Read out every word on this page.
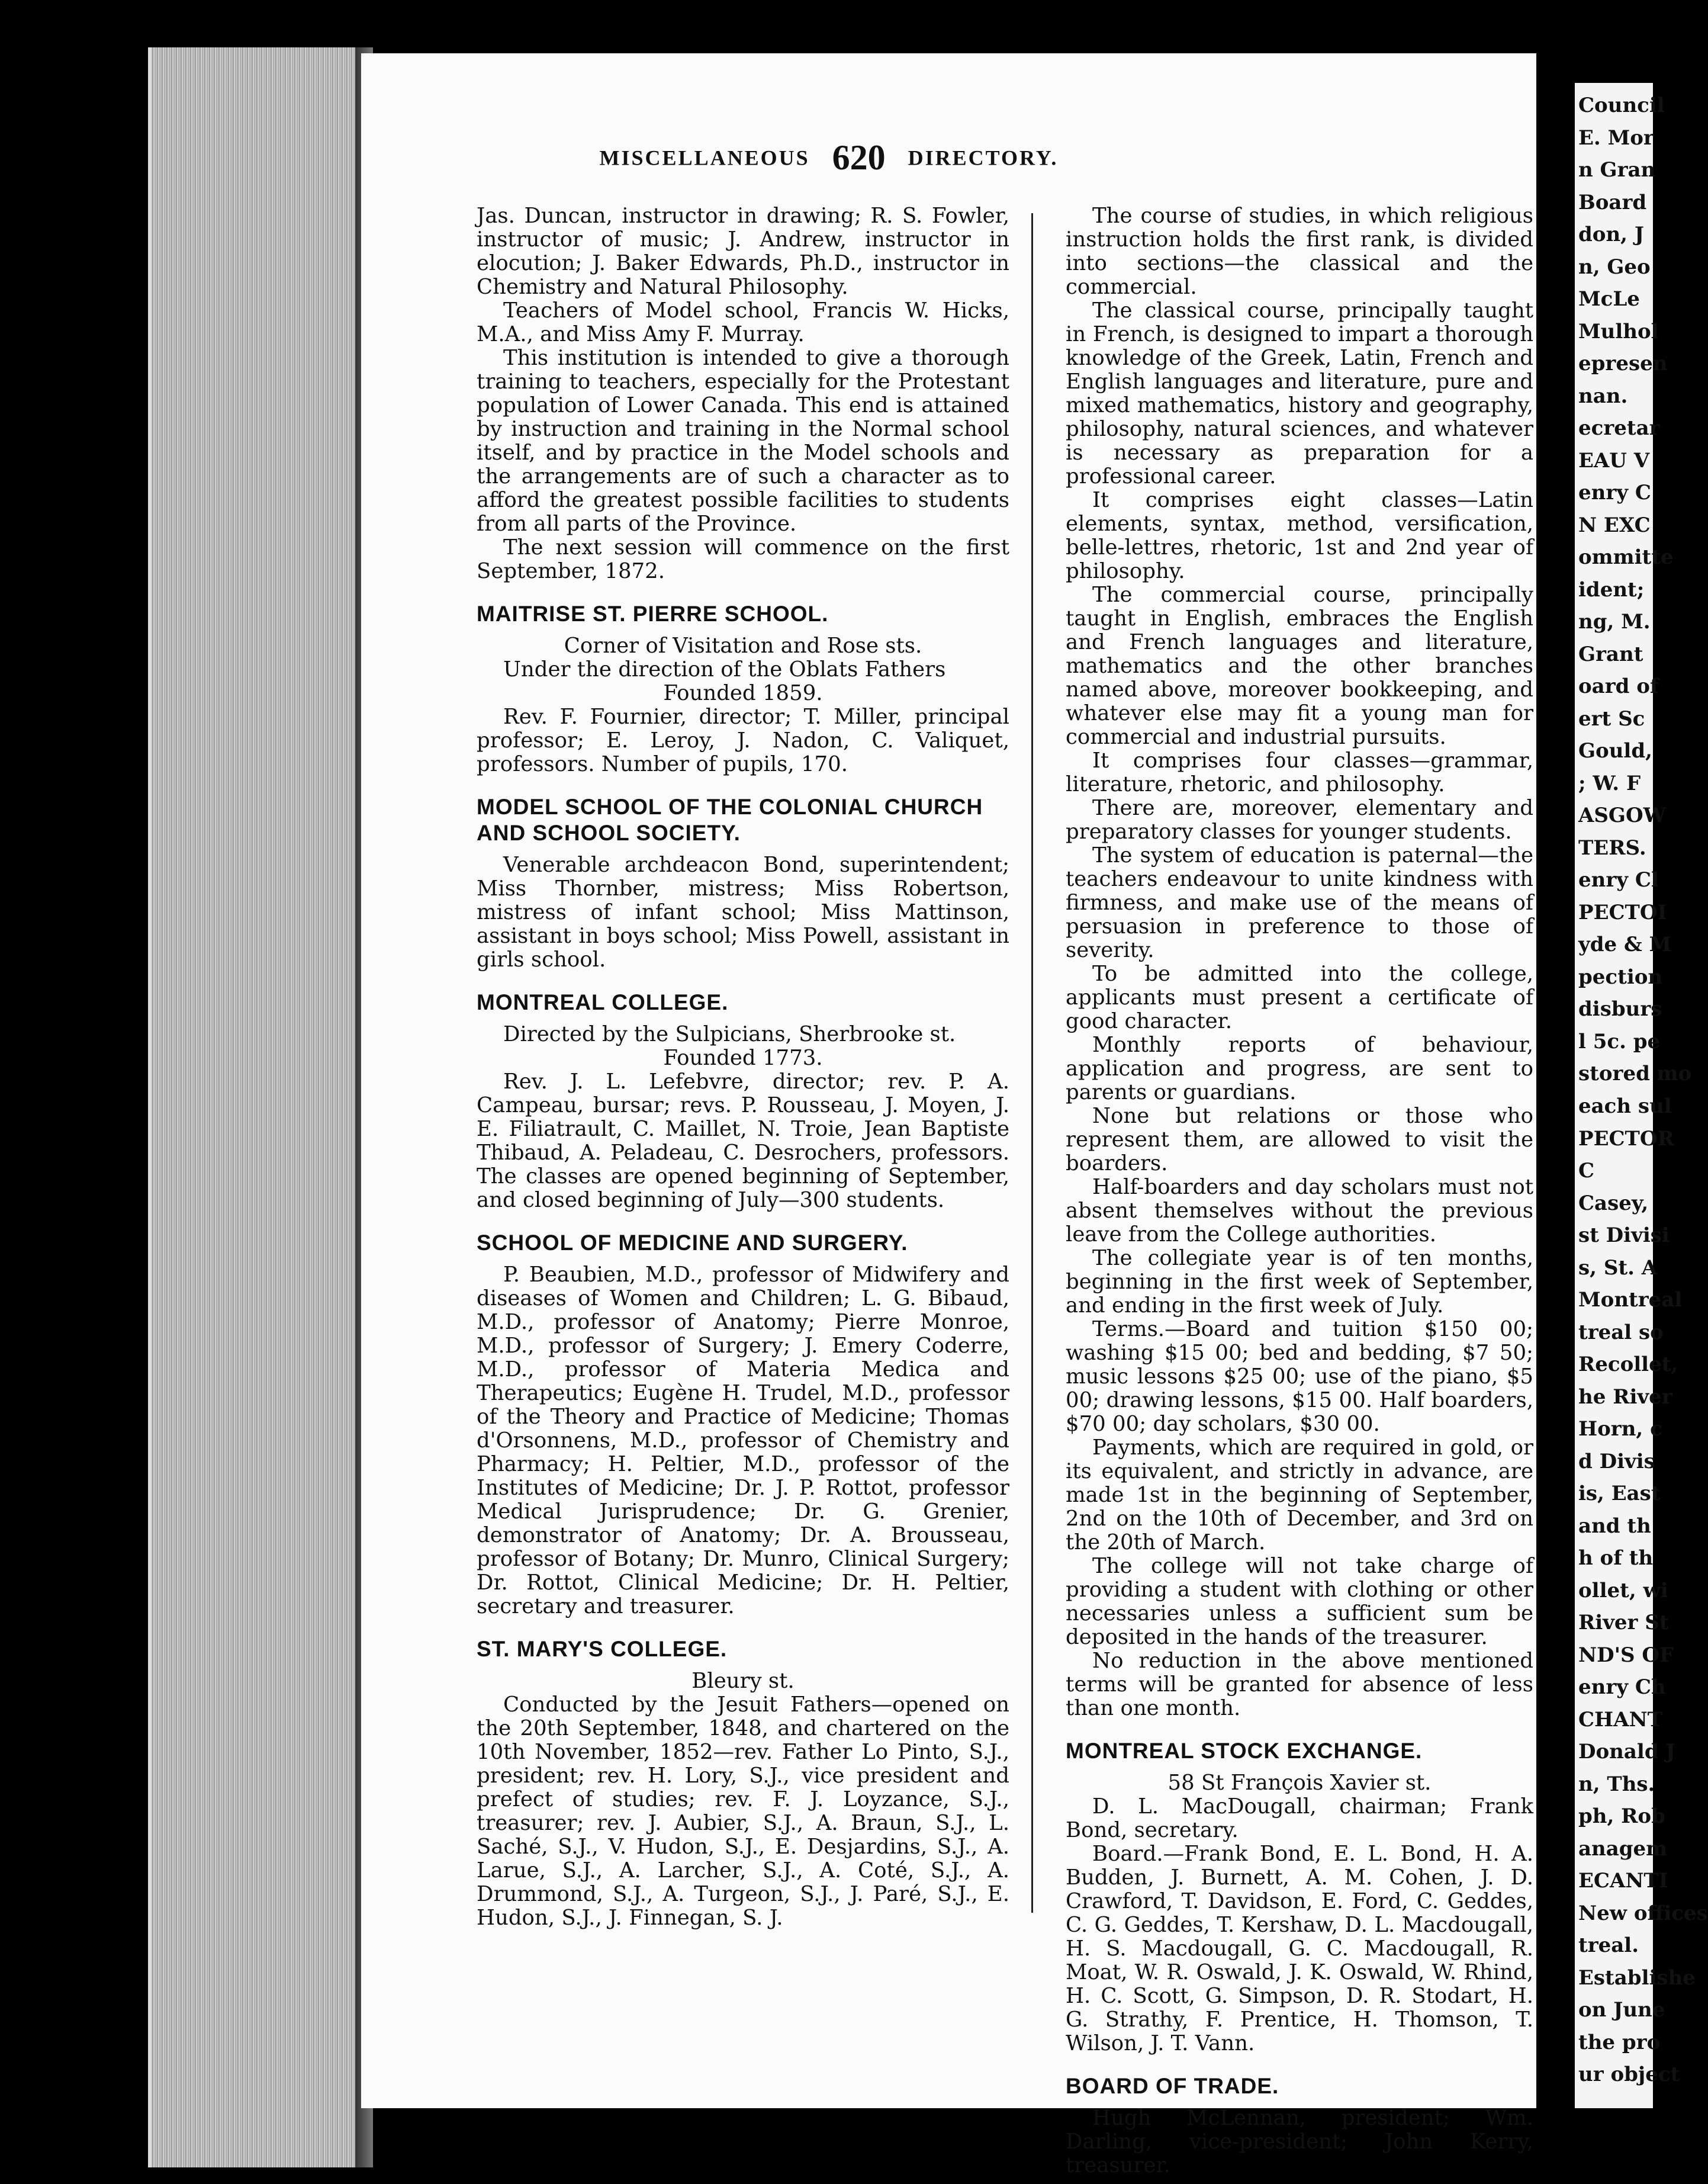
Council
E. Mor
n Gran
Board
don, J
n, Geo
McLe
Mulhol
epresen
nan.
ecretar
EAU V
enry C
N EXC
ommitte
ident;
ng, M.
Grant
oard of
ert Sc
Gould,
; W. F
ASGOW
TERS.
enry Cl
PECTOI
yde & M
pection
disburs
l 5c. pe
stored mo
each sul
PECTOR
C
Casey,
st Divisi
s, St. A
Montreal
treal so
Recollet,
he River
Horn, c
d Divis
is, East
and th
h of th
ollet, wi
River St
ND'S OF
enry Ch
CHANT
Donald J
n, Ths.
ph, Rob
anagem
ECANTI
New offices
treal.
Establishe
on June
the pro
ur object
MISCELLANEOUS 620 DIRECTORY.

Jas. Duncan, instructor in drawing; R. S. Fowler, instructor of music; J. Andrew, instructor in elocution; J. Baker Edwards, Ph.D., instructor in Chemistry and Natural Philosophy.

Teachers of Model school, Francis W. Hicks, M.A., and Miss Amy F. Murray.

This institution is intended to give a thorough training to teachers, especially for the Protestant population of Lower Canada. This end is attained by instruction and training in the Normal school itself, and by practice in the Model schools and the arrangements are of such a character as to afford the greatest possible facilities to students from all parts of the Province.

The next session will commence on the first September, 1872.

MAITRISE ST. PIERRE SCHOOL.

Corner of Visitation and Rose sts.

Under the direction of the Oblats Fathers

Founded 1859.

Rev. F. Fournier, director; T. Miller, principal professor; E. Leroy, J. Nadon, C. Valiquet, professors. Number of pupils, 170.

MODEL SCHOOL OF THE COLONIAL CHURCH AND SCHOOL SOCIETY.

Venerable archdeacon Bond, superintendent; Miss Thornber, mistress; Miss Robertson, mistress of infant school; Miss Mattinson, assistant in boys school; Miss Powell, assistant in girls school.

MONTREAL COLLEGE.

Directed by the Sulpicians, Sherbrooke st.

Founded 1773.

Rev. J. L. Lefebvre, director; rev. P. A. Campeau, bursar; revs. P. Rousseau, J. Moyen, J. E. Filiatrault, C. Maillet, N. Troie, Jean Baptiste Thibaud, A. Peladeau, C. Desrochers, professors. The classes are opened beginning of September, and closed beginning of July—300 students.

SCHOOL OF MEDICINE AND SURGERY.

P. Beaubien, M.D., professor of Midwifery and diseases of Women and Children; L. G. Bibaud, M.D., professor of Anatomy; Pierre Monroe, M.D., professor of Surgery; J. Emery Coderre, M.D., professor of Materia Medica and Therapeutics; Eugène H. Trudel, M.D., professor of the Theory and Practice of Medicine; Thomas d'Orsonnens, M.D., professor of Chemistry and Pharmacy; H. Peltier, M.D., professor of the Institutes of Medicine; Dr. J. P. Rottot, professor Medical Jurisprudence; Dr. G. Grenier, demonstrator of Anatomy; Dr. A. Brousseau, professor of Botany; Dr. Munro, Clinical Surgery; Dr. Rottot, Clinical Medicine; Dr. H. Peltier, secretary and treasurer.

ST. MARY'S COLLEGE.

Bleury st.

Conducted by the Jesuit Fathers—opened on the 20th September, 1848, and chartered on the 10th November, 1852—rev. Father Lo Pinto, S.J., president; rev. H. Lory, S.J., vice president and prefect of studies; rev. F. J. Loyzance, S.J., treasurer; rev. J. Aubier, S.J., A. Braun, S.J., L. Saché, S.J., V. Hudon, S.J., E. Desjardins, S.J., A. Larue, S.J., A. Larcher, S.J., A. Coté, S.J., A. Drummond, S.J., A. Turgeon, S.J., J. Paré, S.J., E. Hudon, S.J., J. Finnegan, S. J.

The course of studies, in which religious instruction holds the first rank, is divided into sections—the classical and the commercial.

The classical course, principally taught in French, is designed to impart a thorough knowledge of the Greek, Latin, French and English languages and literature, pure and mixed mathematics, history and geography, philosophy, natural sciences, and whatever is necessary as preparation for a professional career.

It comprises eight classes—Latin elements, syntax, method, versification, belle-lettres, rhetoric, 1st and 2nd year of philosophy.

The commercial course, principally taught in English, embraces the English and French languages and literature, mathematics and the other branches named above, moreover bookkeeping, and whatever else may fit a young man for commercial and industrial pursuits.

It comprises four classes—grammar, literature, rhetoric, and philosophy.

There are, moreover, elementary and preparatory classes for younger students.

The system of education is paternal—the teachers endeavour to unite kindness with firmness, and make use of the means of persuasion in preference to those of severity.

To be admitted into the college, applicants must present a certificate of good character.

Monthly reports of behaviour, application and progress, are sent to parents or guardians.

None but relations or those who represent them, are allowed to visit the boarders.

Half-boarders and day scholars must not absent themselves without the previous leave from the College authorities.

The collegiate year is of ten months, beginning in the first week of September, and ending in the first week of July.

Terms.—Board and tuition $150 00; washing $15 00; bed and bedding, $7 50; music lessons $25 00; use of the piano, $5 00; drawing lessons, $15 00. Half boarders, $70 00; day scholars, $30 00.

Payments, which are required in gold, or its equivalent, and strictly in advance, are made 1st in the beginning of September, 2nd on the 10th of December, and 3rd on the 20th of March.

The college will not take charge of providing a student with clothing or other necessaries unless a sufficient sum be deposited in the hands of the treasurer.

No reduction in the above mentioned terms will be granted for absence of less than one month.

MONTREAL STOCK EXCHANGE.

58 St François Xavier st.

D. L. MacDougall, chairman; Frank Bond, secretary.

Board.—Frank Bond, E. L. Bond, H. A. Budden, J. Burnett, A. M. Cohen, J. D. Crawford, T. Davidson, E. Ford, C. Geddes, C. G. Geddes, T. Kershaw, D. L. Macdougall, H. S. Macdougall, G. C. Macdougall, R. Moat, W. R. Oswald, J. K. Oswald, W. Rhind, H. C. Scott, G. Simpson, D. R. Stodart, H. G. Strathy, F. Prentice, H. Thomson, T. Wilson, J. T. Vann.

BOARD OF TRADE.

Hugh McLennan, president; Wm. Darling, vice-president; John Kerry, treasurer.
